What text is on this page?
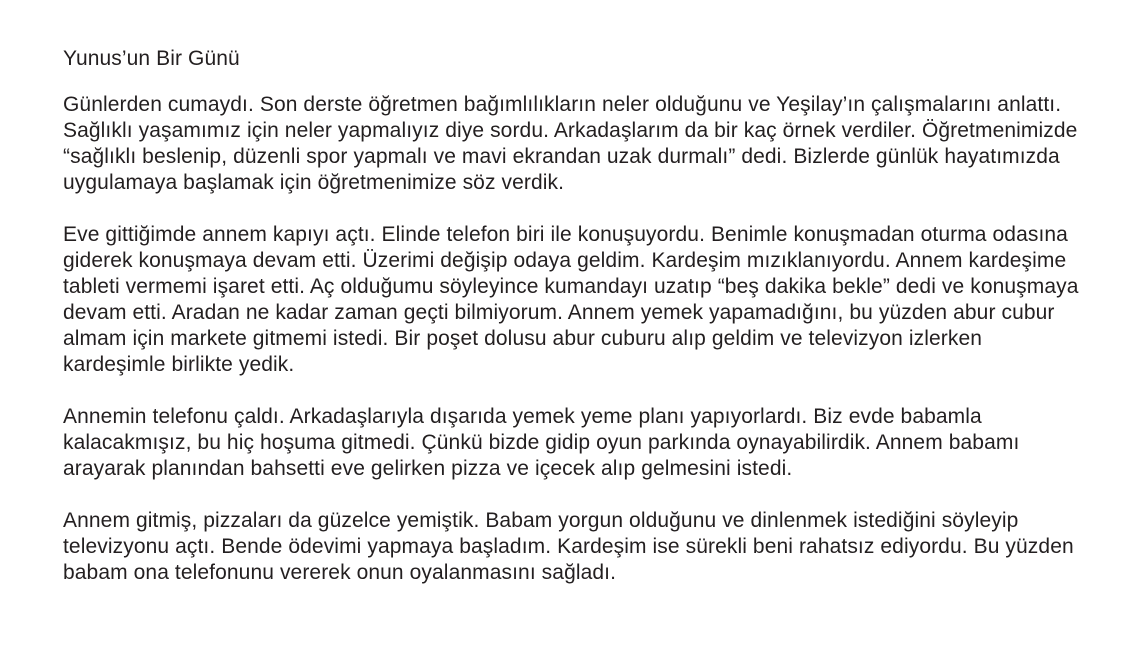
Yunus’un Bir Günü

Günlerden cumaydı. Son derste öğretmen bağımlılıkların neler olduğunu ve Yeşilay’ın çalışmalarını anlattı. Sağlıklı yaşamımız için neler yapmalıyız diye sordu. Arkadaşlarım da bir kaç örnek verdiler. Öğretmenimizde “sağlıklı beslenip, düzenli spor yapmalı ve mavi ekrandan uzak durmalı” dedi. Bizlerde günlük hayatımızda uygulamaya başlamak için öğretmenimize söz verdik.

Eve gittiğimde annem kapıyı açtı. Elinde telefon biri ile konuşuyordu. Benimle konuşmadan oturma odasına giderek konuşmaya devam etti. Üzerimi değişip odaya geldim. Kardeşim mızıklanıyordu. Annem kardeşime tableti vermemi işaret etti. Aç olduğumu söyleyince kumandayı uzatıp “beş dakika bekle” dedi ve konuşmaya devam etti. Aradan ne kadar zaman geçti bilmiyorum. Annem yemek yapamadığını, bu yüzden abur cubur almam için markete gitmemi istedi. Bir poşet dolusu abur cuburu alıp geldim ve televizyon izlerken kardeşimle birlikte yedik.

Annemin telefonu çaldı. Arkadaşlarıyla dışarıda yemek yeme planı yapıyorlardı. Biz evde babamla kalacakmışız, bu hiç hoşuma gitmedi. Çünkü bizde gidip oyun parkında oynayabilirdik. Annem babamı arayarak planından bahsetti eve gelirken pizza ve içecek alıp gelmesini istedi.

Annem gitmiş, pizzaları da güzelce yemiştik. Babam yorgun olduğunu ve dinlenmek istediğini söyleyip televizyonu açtı. Bende ödevimi yapmaya başladım. Kardeşim ise sürekli beni rahatsız ediyordu. Bu yüzden babam ona telefonunu vererek onun oyalanmasını sağladı.
